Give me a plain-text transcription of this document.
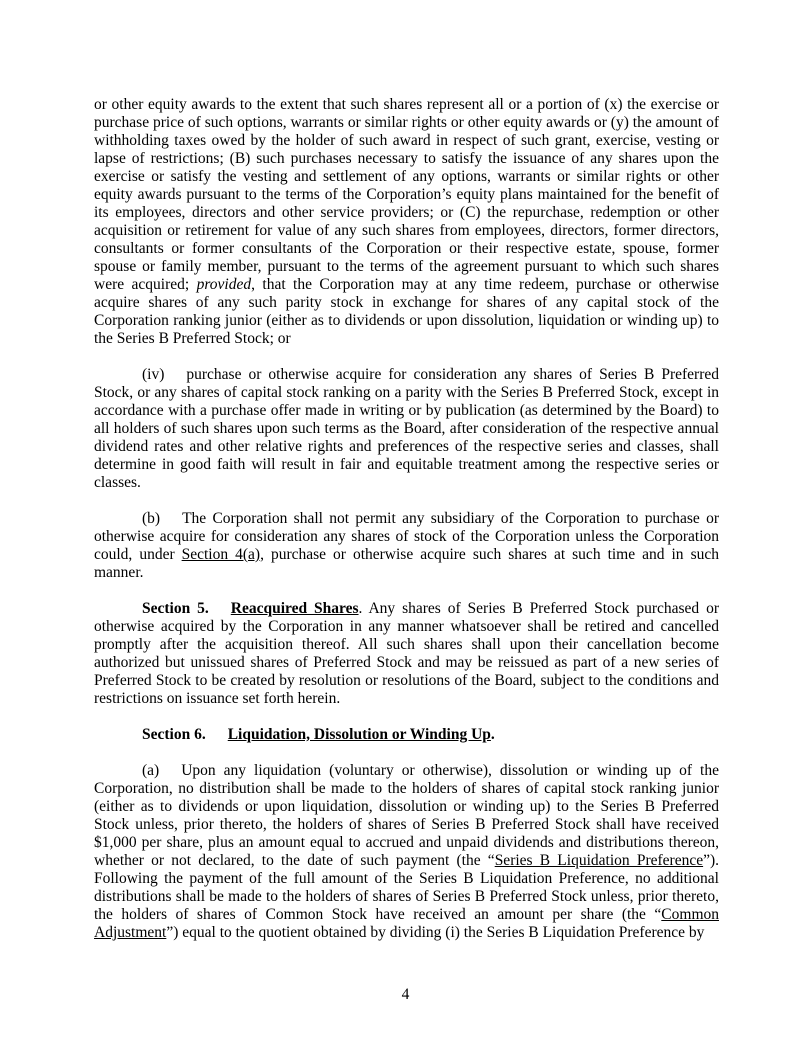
or other equity awards to the extent that such shares represent all or a portion of (x) the exercise or purchase price of such options, warrants or similar rights or other equity awards or (y) the amount of withholding taxes owed by the holder of such award in respect of such grant, exercise, vesting or lapse of restrictions; (B) such purchases necessary to satisfy the issuance of any shares upon the exercise or satisfy the vesting and settlement of any options, warrants or similar rights or other equity awards pursuant to the terms of the Corporation’s equity plans maintained for the benefit of its employees, directors and other service providers; or (C) the repurchase, redemption or other acquisition or retirement for value of any such shares from employees, directors, former directors, consultants or former consultants of the Corporation or their respective estate, spouse, former spouse or family member, pursuant to the terms of the agreement pursuant to which such shares were acquired; provided, that the Corporation may at any time redeem, purchase or otherwise acquire shares of any such parity stock in exchange for shares of any capital stock of the Corporation ranking junior (either as to dividends or upon dissolution, liquidation or winding up) to the Series B Preferred Stock; or

(iv) purchase or otherwise acquire for consideration any shares of Series B Preferred Stock, or any shares of capital stock ranking on a parity with the Series B Preferred Stock, except in accordance with a purchase offer made in writing or by publication (as determined by the Board) to all holders of such shares upon such terms as the Board, after consideration of the respective annual dividend rates and other relative rights and preferences of the respective series and classes, shall determine in good faith will result in fair and equitable treatment among the respective series or classes.

(b) The Corporation shall not permit any subsidiary of the Corporation to purchase or otherwise acquire for consideration any shares of stock of the Corporation unless the Corporation could, under Section 4(a), purchase or otherwise acquire such shares at such time and in such manner.

Section 5. Reacquired Shares. Any shares of Series B Preferred Stock purchased or otherwise acquired by the Corporation in any manner whatsoever shall be retired and cancelled promptly after the acquisition thereof. All such shares shall upon their cancellation become authorized but unissued shares of Preferred Stock and may be reissued as part of a new series of Preferred Stock to be created by resolution or resolutions of the Board, subject to the conditions and restrictions on issuance set forth herein.

Section 6. Liquidation, Dissolution or Winding Up.

(a) Upon any liquidation (voluntary or otherwise), dissolution or winding up of the Corporation, no distribution shall be made to the holders of shares of capital stock ranking junior (either as to dividends or upon liquidation, dissolution or winding up) to the Series B Preferred Stock unless, prior thereto, the holders of shares of Series B Preferred Stock shall have received $1,000 per share, plus an amount equal to accrued and unpaid dividends and distributions thereon, whether or not declared, to the date of such payment (the “Series B Liquidation Preference”). Following the payment of the full amount of the Series B Liquidation Preference, no additional distributions shall be made to the holders of shares of Series B Preferred Stock unless, prior thereto, the holders of shares of Common Stock have received an amount per share (the “Common Adjustment”) equal to the quotient obtained by dividing (i) the Series B Liquidation Preference by

4
